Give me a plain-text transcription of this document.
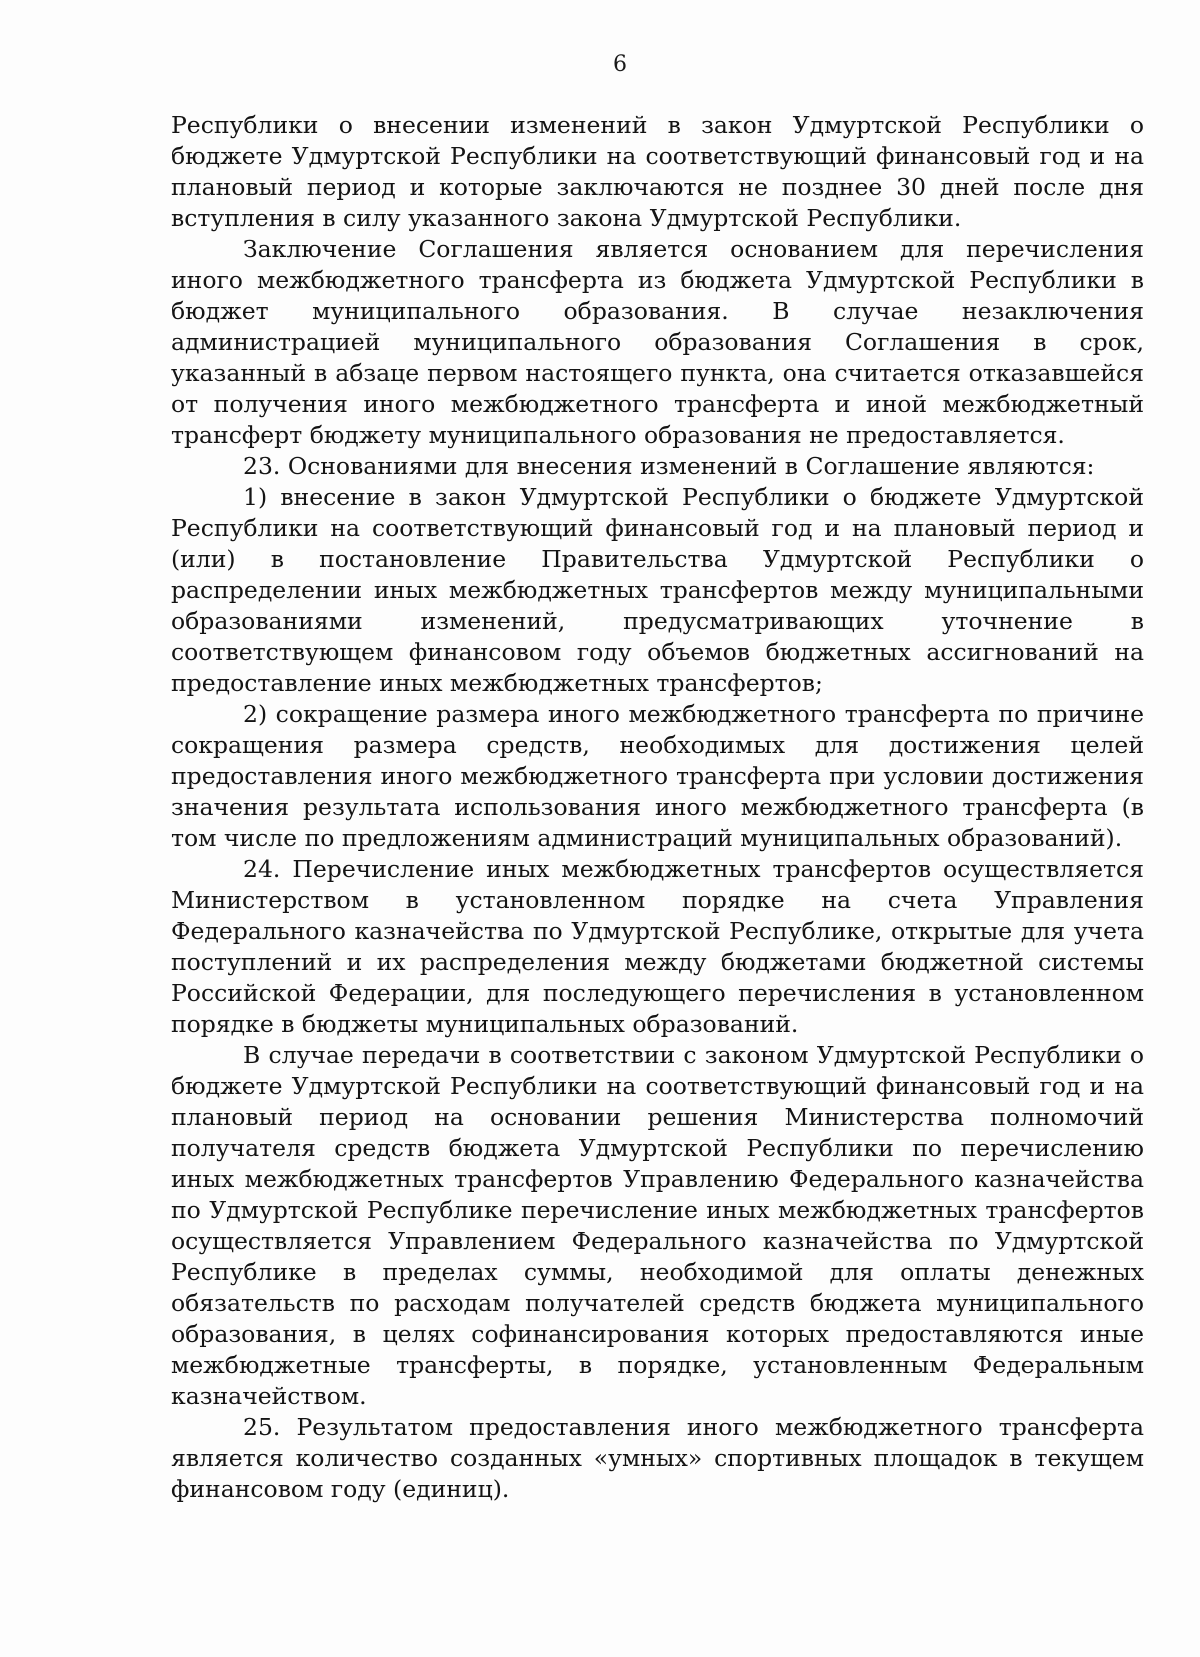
6

Республики о внесении изменений в закон Удмуртской Республики о бюджете Удмуртской Республики на соответствующий финансовый год и на плановый период и которые заключаются не позднее 30 дней после дня вступления в силу указанного закона Удмуртской Республики.

Заключение Соглашения является основанием для перечисления иного межбюджетного трансферта из бюджета Удмуртской Республики в бюджет муниципального образования. В случае незаключения администрацией муниципального образования Соглашения в срок, указанный в абзаце первом настоящего пункта, она считается отказавшейся от получения иного межбюджетного трансферта и иной межбюджетный трансферт бюджету муниципального образования не предоставляется.

23. Основаниями для внесения изменений в Соглашение являются:

1) внесение в закон Удмуртской Республики о бюджете Удмуртской Республики на соответствующий финансовый год и на плановый период и (или) в постановление Правительства Удмуртской Республики о распределении иных межбюджетных трансфертов между муниципальными образованиями изменений, предусматривающих уточнение в соответствующем финансовом году объемов бюджетных ассигнований на предоставление иных межбюджетных трансфертов;

2) сокращение размера иного межбюджетного трансферта по причине сокращения размера средств, необходимых для достижения целей предоставления иного межбюджетного трансферта при условии достижения значения результата использования иного межбюджетного трансферта (в том числе по предложениям администраций муниципальных образований).

24. Перечисление иных межбюджетных трансфертов осуществляется Министерством в установленном порядке на счета Управления Федерального казначейства по Удмуртской Республике, открытые для учета поступлений и их распределения между бюджетами бюджетной системы Российской Федерации, для последующего перечисления в установленном порядке в бюджеты муниципальных образований.

В случае передачи в соответствии с законом Удмуртской Республики о бюджете Удмуртской Республики на соответствующий финансовый год и на плановый период на основании решения Министерства полномочий получателя средств бюджета Удмуртской Республики по перечислению иных межбюджетных трансфертов Управлению Федерального казначейства по Удмуртской Республике перечисление иных межбюджетных трансфертов осуществляется Управлением Федерального казначейства по Удмуртской Республике в пределах суммы, необходимой для оплаты денежных обязательств по расходам получателей средств бюджета муниципального образования, в целях софинансирования которых предоставляются иные межбюджетные трансферты, в порядке, установленным Федеральным казначейством.

25. Результатом предоставления иного межбюджетного трансферта является количество созданных «умных» спортивных площадок в текущем финансовом году (единиц).
